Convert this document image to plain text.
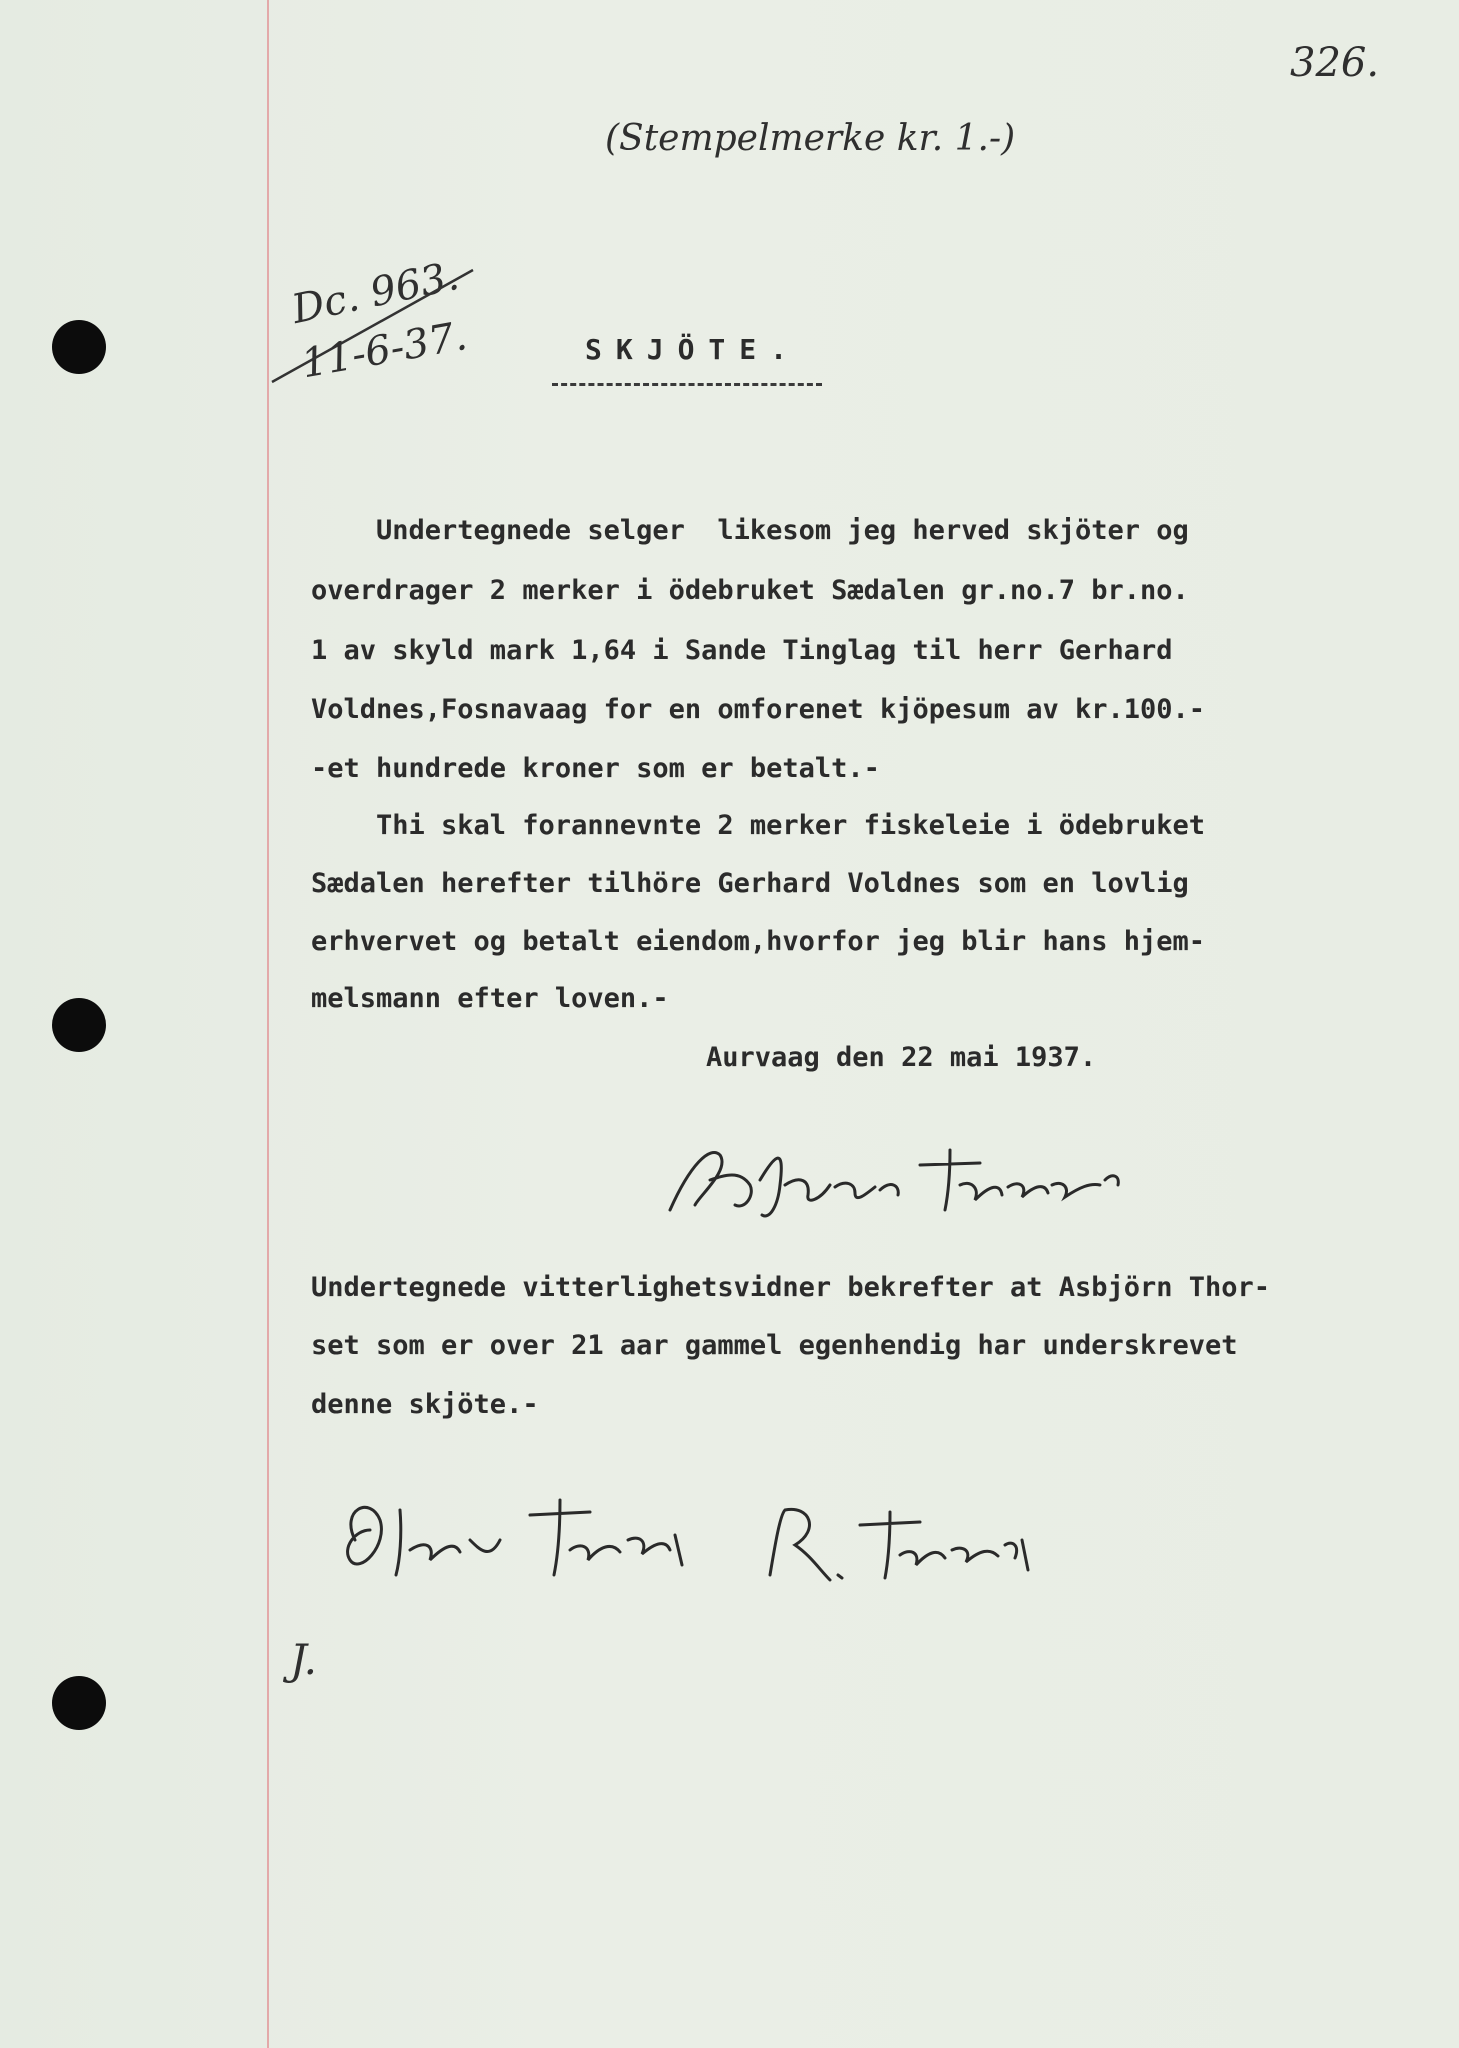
326.
(Stempelmerke kr. 1.-)
Dc. 963.
11-6-37.	SKJÖTE.
Undertegnede selger  likesom jeg herved skjöter og
overdrager 2 merker i ödebruket Sædalen gr.no.7 br.no.
1 av skyld mark 1,64 i Sande Tinglag til herr Gerhard
Voldnes,Fosnavaag for en omforenet kjöpesum av kr.100.-
-et hundrede kroner som er betalt.-
Thi skal forannevnte 2 merker fiskeleie i ödebruket
Sædalen herefter tilhöre Gerhard Voldnes som en lovlig
erhvervet og betalt eiendom,hvorfor jeg blir hans hjem-
melsmann efter loven.-
Aurvaag den 22 mai 1937.
Asbjörn Thorset
Undertegnede vitterlighetsvidner bekrefter at Asbjörn Thor-
set som er over 21 aar gammel egenhendig har underskrevet
denne skjöte.-
Olav Thorsetk	R. Thorsetk
J.
